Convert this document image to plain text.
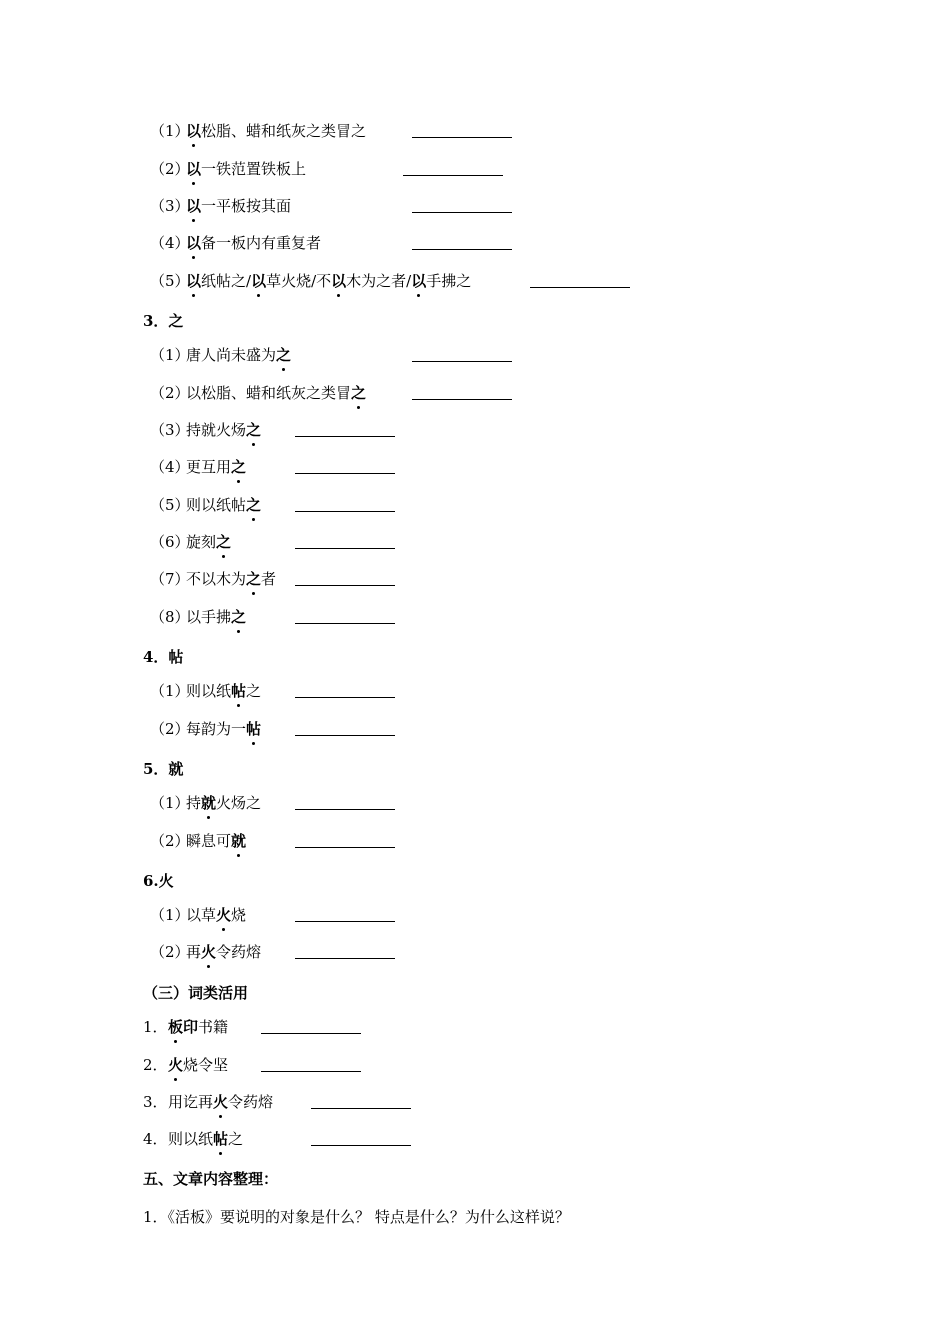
（1）以松脂、蜡和纸灰之类冒之
（2）以一铁范置铁板上
（3）以一平板按其面
（4）以备一板内有重复者
（5）以纸帖之/以草火烧/不以木为之者/以手拂之
3．之
（1）唐人尚未盛为之
（2）以松脂、蜡和纸灰之类冒之
（3）持就火炀之
（4）更互用之
（5）则以纸帖之
（6）旋刻之
（7）不以木为之者
（8）以手拂之
4．帖
（1）则以纸帖之
（2）每韵为一帖
5．就
（1）持就火炀之
（2）瞬息可就
6.火
（1）以草火烧
（2）再火令药熔
（三）词类活用
1．板印书籍
2．火烧令坚
3．用讫再火令药熔
4．则以纸帖之
五、文章内容整理：
1．《活板》要说明的对象是什么？ 特点是什么？为什么这样说？
